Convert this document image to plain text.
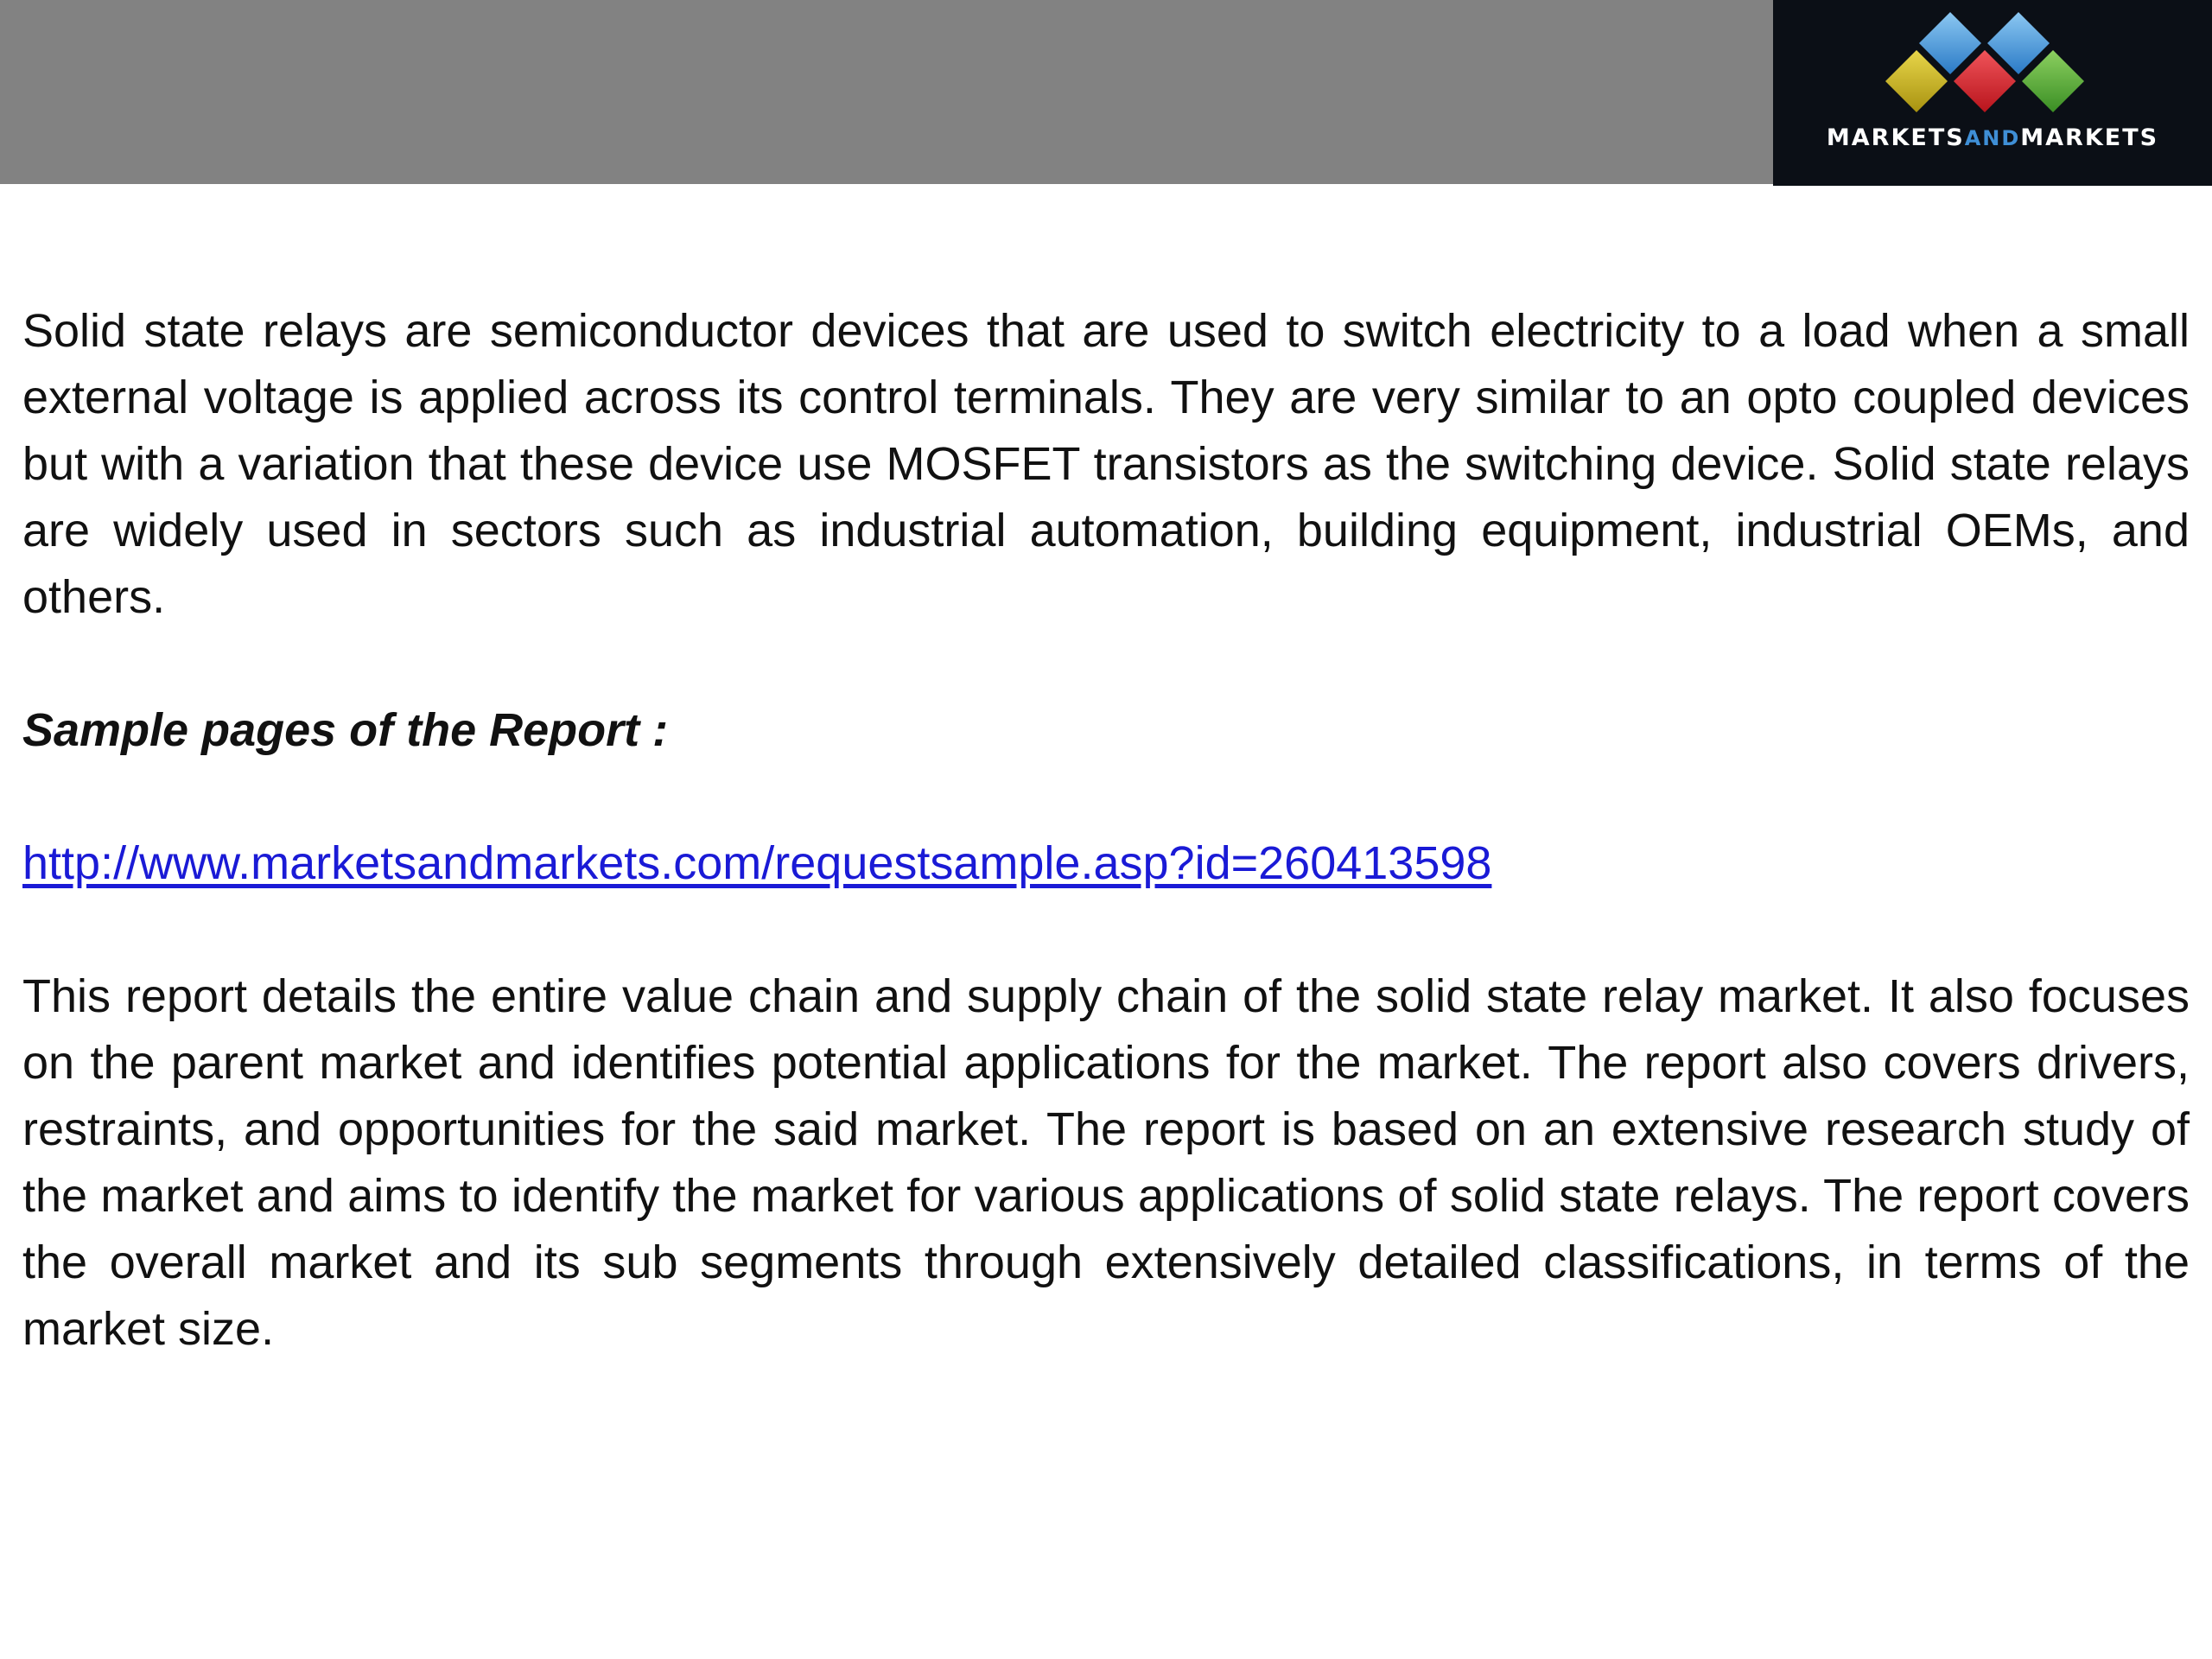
MARKETSANDMARKETS

Solid state relays are semiconductor devices that are used to switch electricity to a load when a small external voltage is applied across its control terminals. They are very similar to an opto coupled devices but with a variation that these device use MOSFET transistors as the switching device. Solid state relays are widely used in sectors such as industrial automation, building equipment, industrial OEMs, and others.

Sample pages of the Report :

http://www.marketsandmarkets.com/requestsample.asp?id=260413598

This report details the entire value chain and supply chain of the solid state relay market. It also focuses on the parent market and identifies potential applications for the market. The report also covers drivers, restraints, and opportunities for the said market. The report is based on an extensive research study of the market and aims to identify the market for various applications of solid state relays. The report covers the overall market and its sub segments through extensively detailed classifications, in terms of the market size.
